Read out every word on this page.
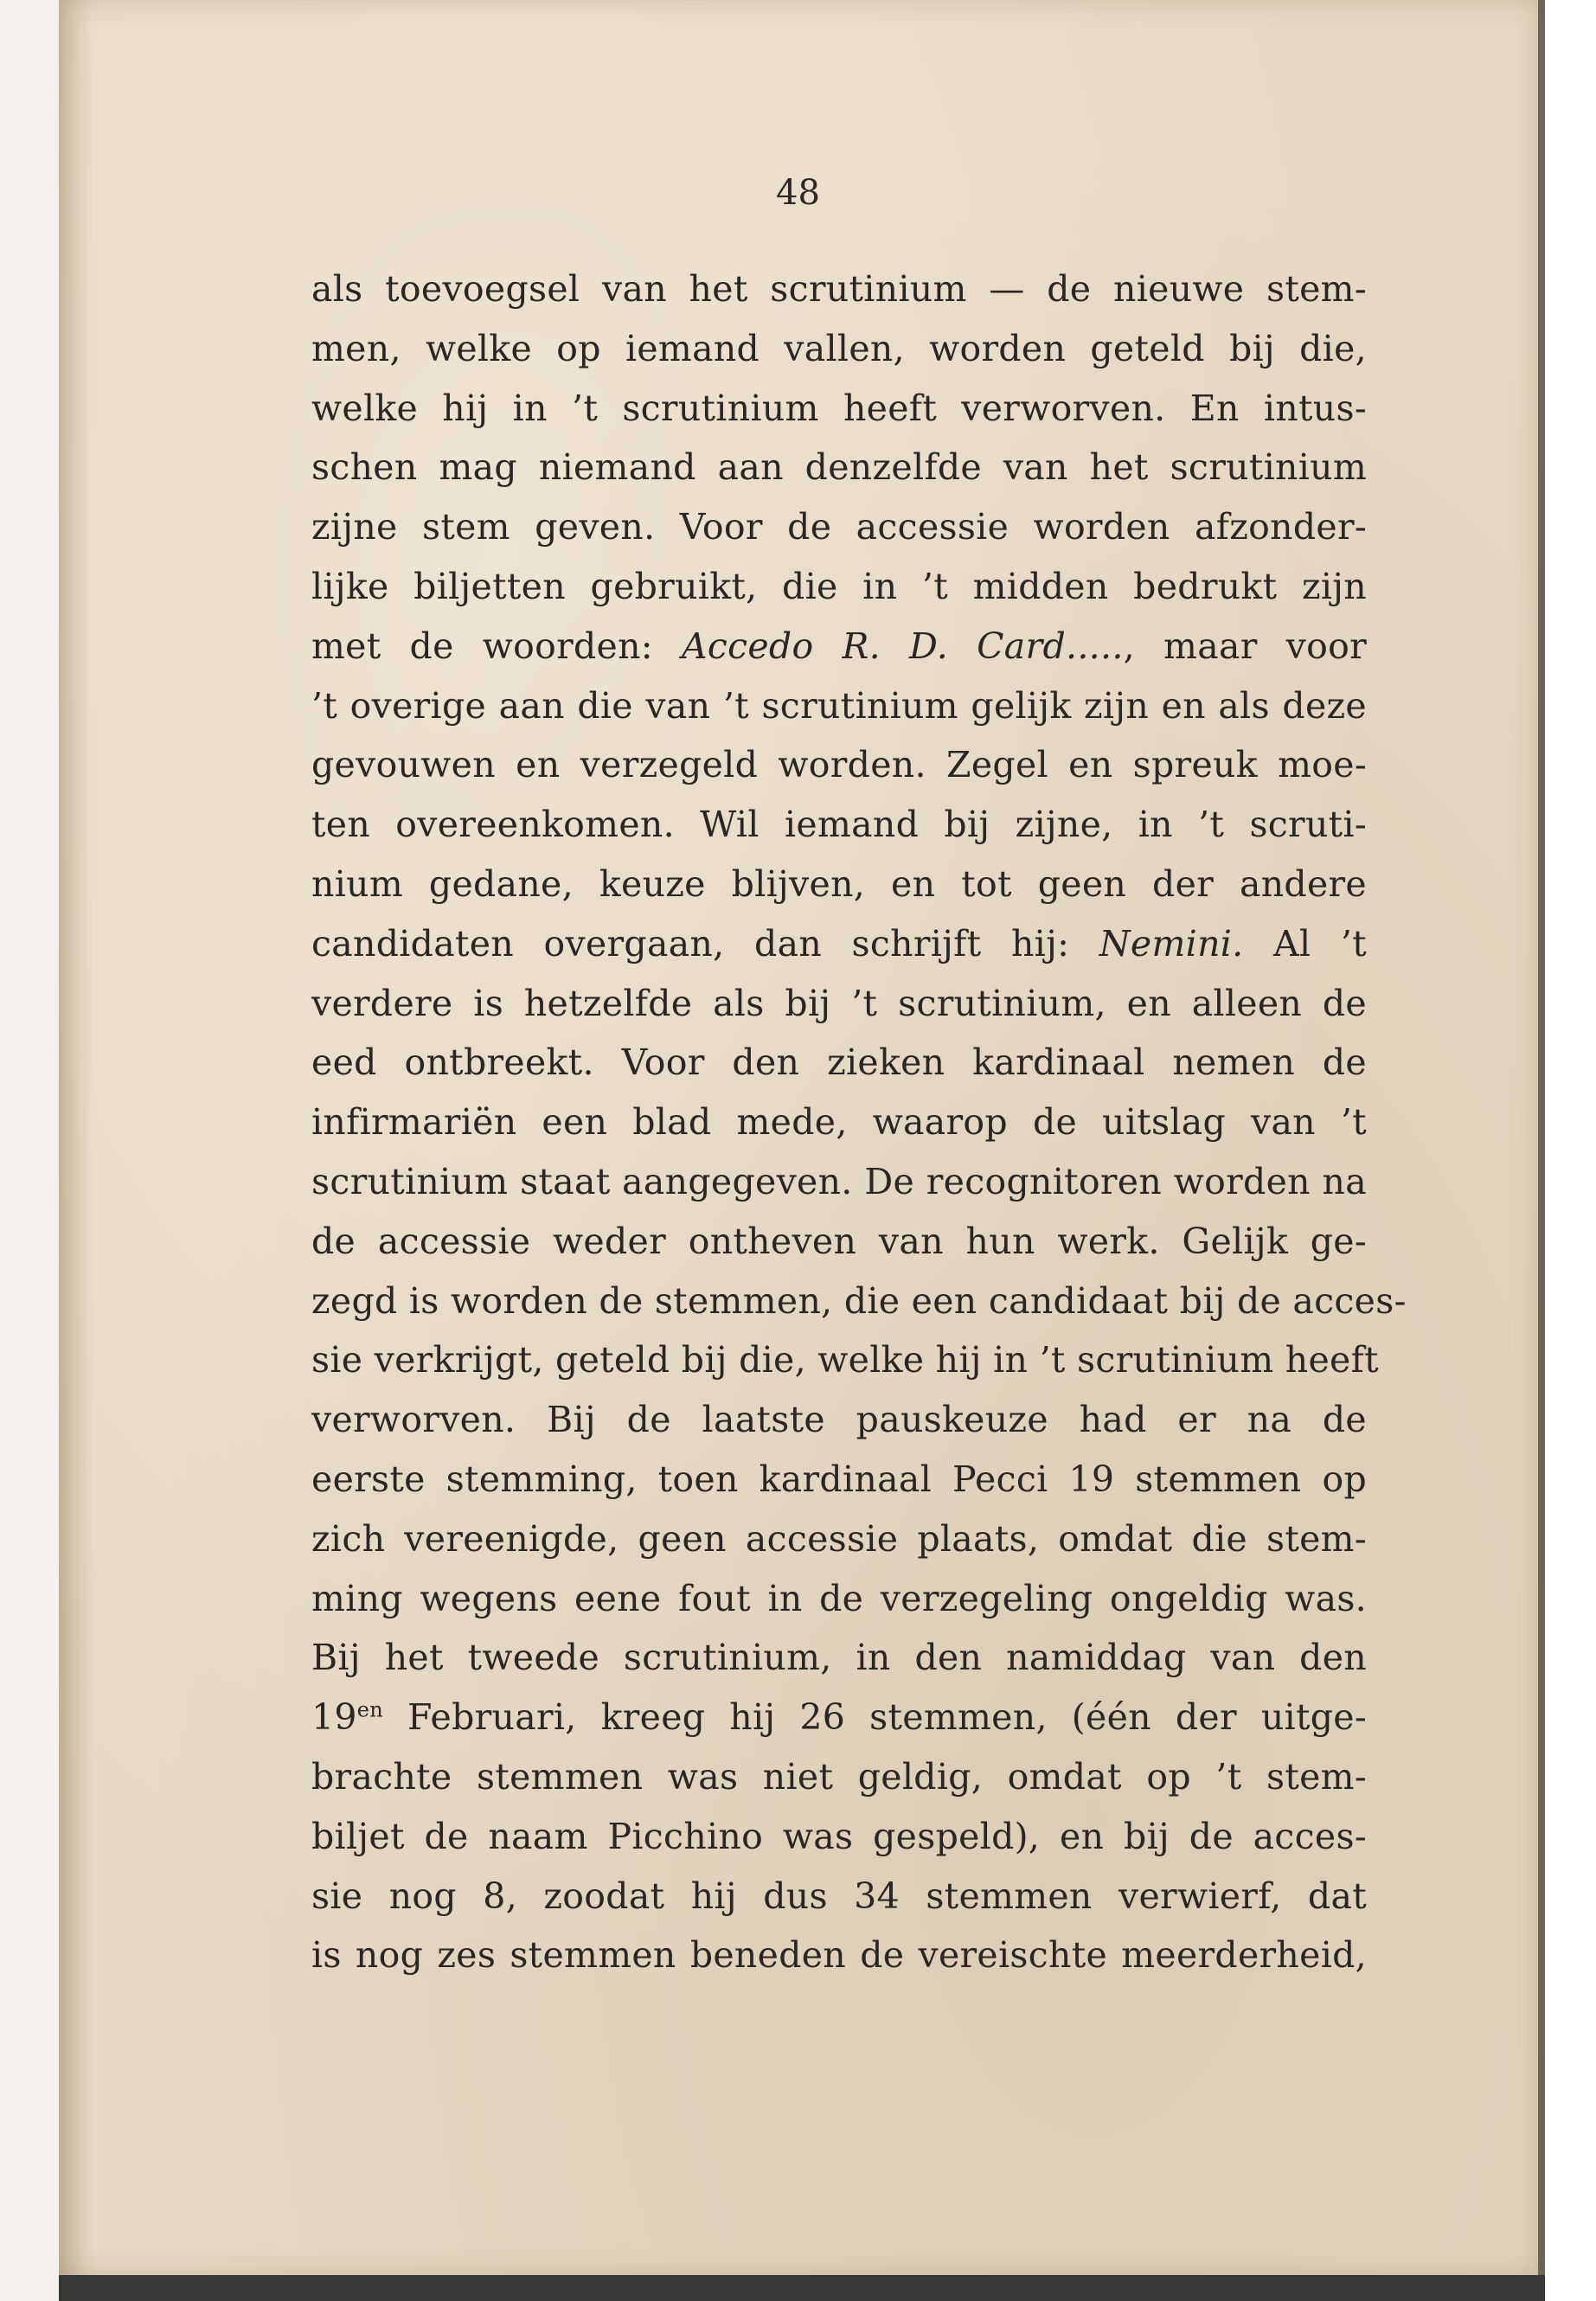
48
als toevoegsel van het scrutinium — de nieuwe stem-
men, welke op iemand vallen, worden geteld bij die,
welke hij in ’t scrutinium heeft verworven. En intus-
schen mag niemand aan denzelfde van het scrutinium
zijne stem geven. Voor de accessie worden afzonder-
lijke biljetten gebruikt, die in ’t midden bedrukt zijn
met de woorden: Accedo R. D. Card....., maar voor
’t overige aan die van ’t scrutinium gelijk zijn en als deze
gevouwen en verzegeld worden. Zegel en spreuk moe-
ten overeenkomen. Wil iemand bij zijne, in ’t scruti-
nium gedane, keuze blijven, en tot geen der andere
candidaten overgaan, dan schrijft hij: Nemini. Al ’t
verdere is hetzelfde als bij ’t scrutinium, en alleen de
eed ontbreekt. Voor den zieken kardinaal nemen de
infirmariën een blad mede, waarop de uitslag van ’t
scrutinium staat aangegeven. De recognitoren worden na
de accessie weder ontheven van hun werk. Gelijk ge-
zegd is worden de stemmen, die een candidaat bij de acces-
sie verkrijgt, geteld bij die, welke hij in ’t scrutinium heeft
verworven. Bij de laatste pauskeuze had er na de
eerste stemming, toen kardinaal Pecci 19 stemmen op
zich vereenigde, geen accessie plaats, omdat die stem-
ming wegens eene fout in de verzegeling ongeldig was.
Bij het tweede scrutinium, in den namiddag van den
$19^{en}$ Februari, kreeg hij 26 stemmen, (één der uitge-
brachte stemmen was niet geldig, omdat op ’t stem-
biljet de naam Picchino was gespeld), en bij de acces-
sie nog 8, zoodat hij dus 34 stemmen verwierf, dat
is nog zes stemmen beneden de vereischte meerderheid,
